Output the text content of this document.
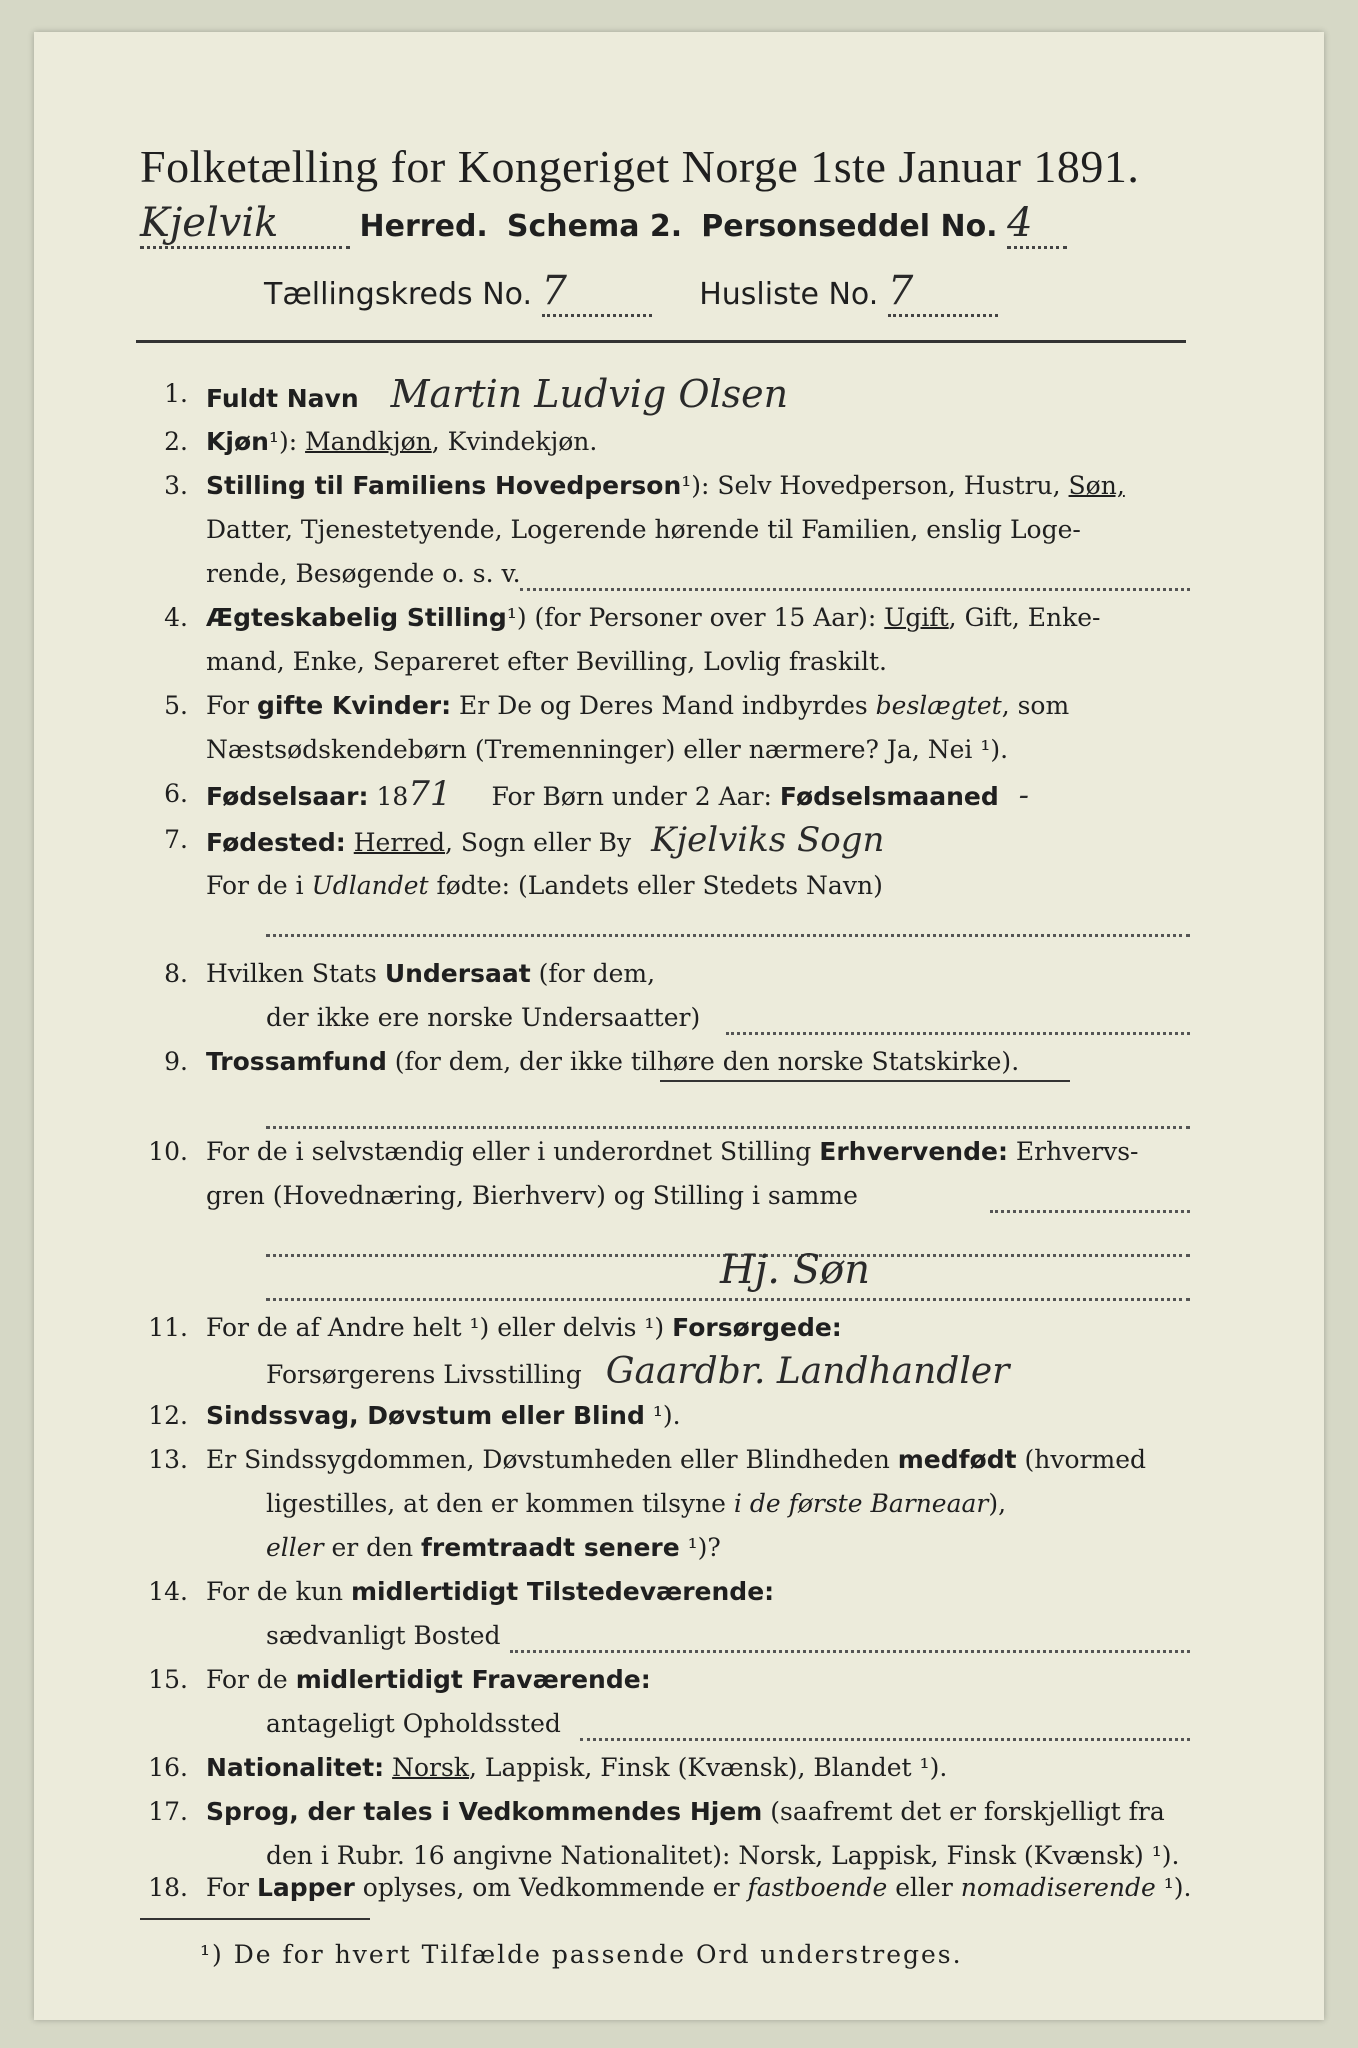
Folketælling for Kongeriget Norge 1ste Januar 1891.
Kjelvik	Herred. Schema 2. Personseddel No. 4
Tællingskreds No. 7	Husliste No. 7
1. Fuldt Navn Martin Ludvig Olsen
2. Kjøn¹): Mandkjøn, Kvindekjøn.
3. Stilling til Familiens Hovedperson¹): Selv Hovedperson, Hustru, Søn,
Datter, Tjenestetyende, Logerende hørende til Familien, enslig Loge-
rende, Besøgende o. s. v.
4. Ægteskabelig Stilling¹) (for Personer over 15 Aar): Ugift, Gift, Enke-
mand, Enke, Separeret efter Bevilling, Lovlig fraskilt.
5. For gifte Kvinder: Er De og Deres Mand indbyrdes beslægtet, som
Næstsødskendebørn (Tremenninger) eller nærmere? Ja, Nei ¹).
6. Fødselsaar: 1871 For Børn under 2 Aar: Fødselsmaaned -
7. Fødested: Herred, Sogn eller By Kjelviks Sogn
For de i Udlandet fødte: (Landets eller Stedets Navn)
8. Hvilken Stats Undersaat (for dem,
der ikke ere norske Undersaatter)
9. Trossamfund (for dem, der ikke tilhøre den norske Statskirke).
10. For de i selvstændig eller i underordnet Stilling Erhvervende: Erhvervs-
gren (Hovednæring, Bierhverv) og Stilling i samme
Hj. Søn
11. For de af Andre helt ¹) eller delvis ¹) Forsørgede:
Forsørgerens Livsstilling Gaardbr. Landhandler
12. Sindssvag, Døvstum eller Blind ¹).
13. Er Sindssygdommen, Døvstumheden eller Blindheden medfødt (hvormed
ligestilles, at den er kommen tilsyne i de første Barneaar),
eller er den fremtraadt senere ¹)?
14. For de kun midlertidigt Tilstedeværende:
sædvanligt Bosted
15. For de midlertidigt Fraværende:
antageligt Opholdssted
16. Nationalitet: Norsk, Lappisk, Finsk (Kvænsk), Blandet ¹).
17. Sprog, der tales i Vedkommendes Hjem (saafremt det er forskjelligt fra
den i Rubr. 16 angivne Nationalitet): Norsk, Lappisk, Finsk (Kvænsk) ¹).
18. For Lapper oplyses, om Vedkommende er fastboende eller nomadiserende ¹).
¹) De for hvert Tilfælde passende Ord understreges.
